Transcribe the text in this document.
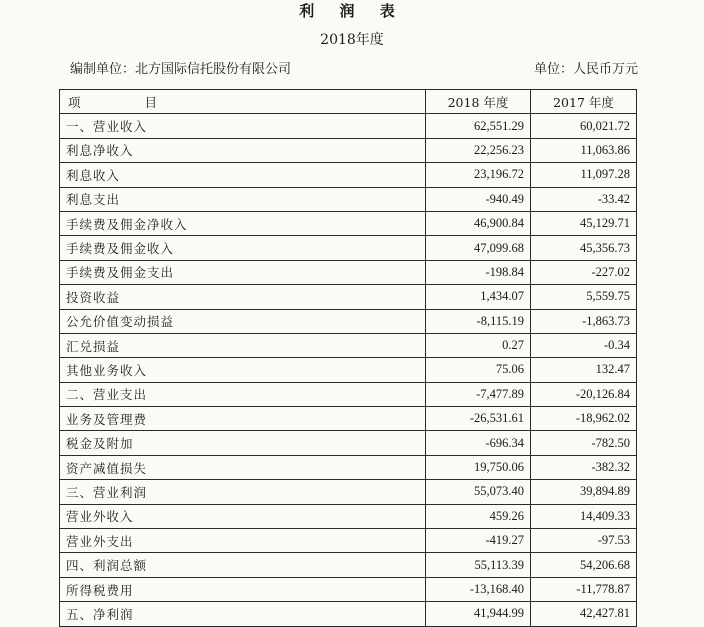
利 润 表
2018年度
编制单位：北方国际信托股份有限公司	单位：人民币万元
项 目	2018 年度	2017 年度
一、营业收入	62,551.29	60,021.72
利息净收入	22,256.23	11,063.86
利息收入	23,196.72	11,097.28
利息支出	-940.49	-33.42
手续费及佣金净收入	46,900.84	45,129.71
手续费及佣金收入	47,099.68	45,356.73
手续费及佣金支出	-198.84	-227.02
投资收益	1,434.07	5,559.75
公允价值变动损益	-8,115.19	-1,863.73
汇兑损益	0.27	-0.34
其他业务收入	75.06	132.47
二、营业支出	-7,477.89	-20,126.84
业务及管理费	-26,531.61	-18,962.02
税金及附加	-696.34	-782.50
资产减值损失	19,750.06	-382.32
三、营业利润	55,073.40	39,894.89
营业外收入	459.26	14,409.33
营业外支出	-419.27	-97.53
四、利润总额	55,113.39	54,206.68
所得税费用	-13,168.40	-11,778.87
五、净利润	41,944.99	42,427.81
